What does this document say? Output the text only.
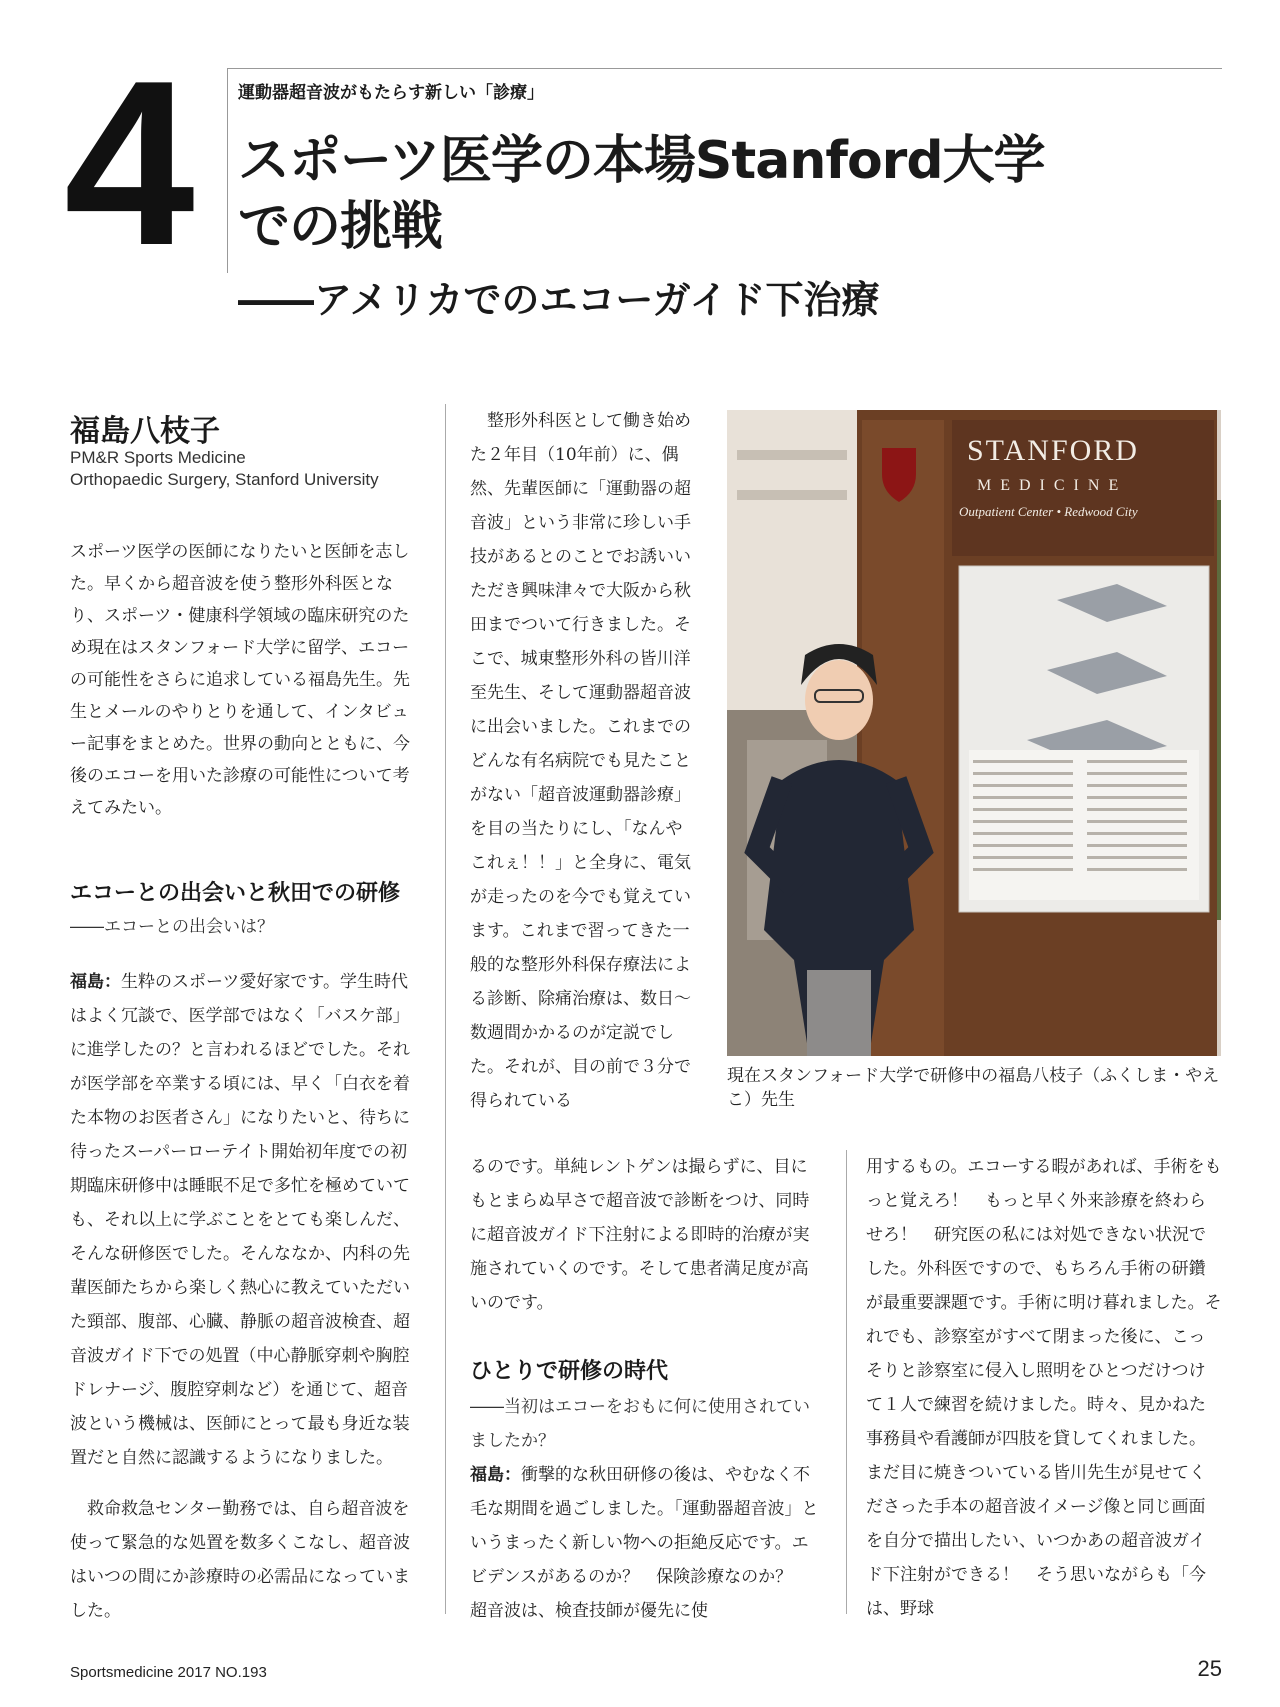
4	運動器超音波がもたらす新しい「診療」
スポーツ医学の本場Stanford大学
での挑戦
――アメリカでのエコーガイド下治療
福島八枝子
PM&R Sports Medicine
Orthopaedic Surgery, Stanford University
スポーツ医学の医師になりたいと医師を志した。早くから超音波を使う整形外科医となり、スポーツ・健康科学領域の臨床研究のため現在はスタンフォード大学に留学、エコーの可能性をさらに追求している福島先生。先生とメールのやりとりを通して、インタビュー記事をまとめた。世界の動向とともに、今後のエコーを用いた診療の可能性について考えてみたい。
エコーとの出会いと秋田での研修
――エコーとの出会いは？

福島：生粋のスポーツ愛好家です。学生時代はよく冗談で、医学部ではなく「バスケ部」に進学したの？と言われるほどでした。それが医学部を卒業する頃には、早く「白衣を着た本物のお医者さん」になりたいと、待ちに待ったスーパーローテイト開始初年度での初期臨床研修中は睡眠不足で多忙を極めていても、それ以上に学ぶことをとても楽しんだ、そんな研修医でした。そんななか、内科の先輩医師たちから楽しく熱心に教えていただいた頸部、腹部、心臓、静脈の超音波検査、超音波ガイド下での処置（中心静脈穿刺や胸腔ドレナージ、腹腔穿刺など）を通じて、超音波という機械は、医師にとって最も身近な装置だと自然に認識するようになりました。

救命救急センター勤務では、自ら超音波を使って緊急的な処置を数多くこなし、超音波はいつの間にか診療時の必需品になっていました。

整形外科医として働き始めた２年目（10年前）に、偶然、先輩医師に「運動器の超音波」という非常に珍しい手技があるとのことでお誘いいただき興味津々で大阪から秋田までついて行きました。そこで、城東整形外科の皆川洋至先生、そして運動器超音波に出会いました。これまでのどんな有名病院でも見たことがない「超音波運動器診療」を目の当たりにし、「なんやこれぇ！！」と全身に、電気が走ったのを今でも覚えています。これまで習ってきた一般的な整形外科保存療法による診断、除痛治療は、数日～数週間かかるのが定説でした。それが、目の前で３分で得られている
STANFORD
MEDICINE
Outpatient Center • Redwood City
現在スタンフォード大学で研修中の福島八枝子（ふくしま・やえこ）先生
るのです。単純レントゲンは撮らずに、目にもとまらぬ早さで超音波で診断をつけ、同時に超音波ガイド下注射による即時的治療が実施されていくのです。そして患者満足度が高いのです。
ひとりで研修の時代
――当初はエコーをおもに何に使用されていましたか？
福島：衝撃的な秋田研修の後は、やむなく不毛な期間を過ごしました。「運動器超音波」というまったく新しい物への拒絶反応です。エビデンスがあるのか？　保険診療なのか？　超音波は、検査技師が優先に使
用するもの。エコーする暇があれば、手術をもっと覚えろ！　もっと早く外来診療を終わらせろ！　研究医の私には対処できない状況でした。外科医ですので、もちろん手術の研鑽が最重要課題です。手術に明け暮れました。それでも、診察室がすべて閉まった後に、こっそりと診察室に侵入し照明をひとつだけつけて１人で練習を続けました。時々、見かねた事務員や看護師が四肢を貸してくれました。まだ目に焼きついている皆川先生が見せてくださった手本の超音波イメージ像と同じ画面を自分で描出したい、いつかあの超音波ガイド下注射ができる！　そう思いながらも「今は、野球
Sportsmedicine 2017 NO.193	25
